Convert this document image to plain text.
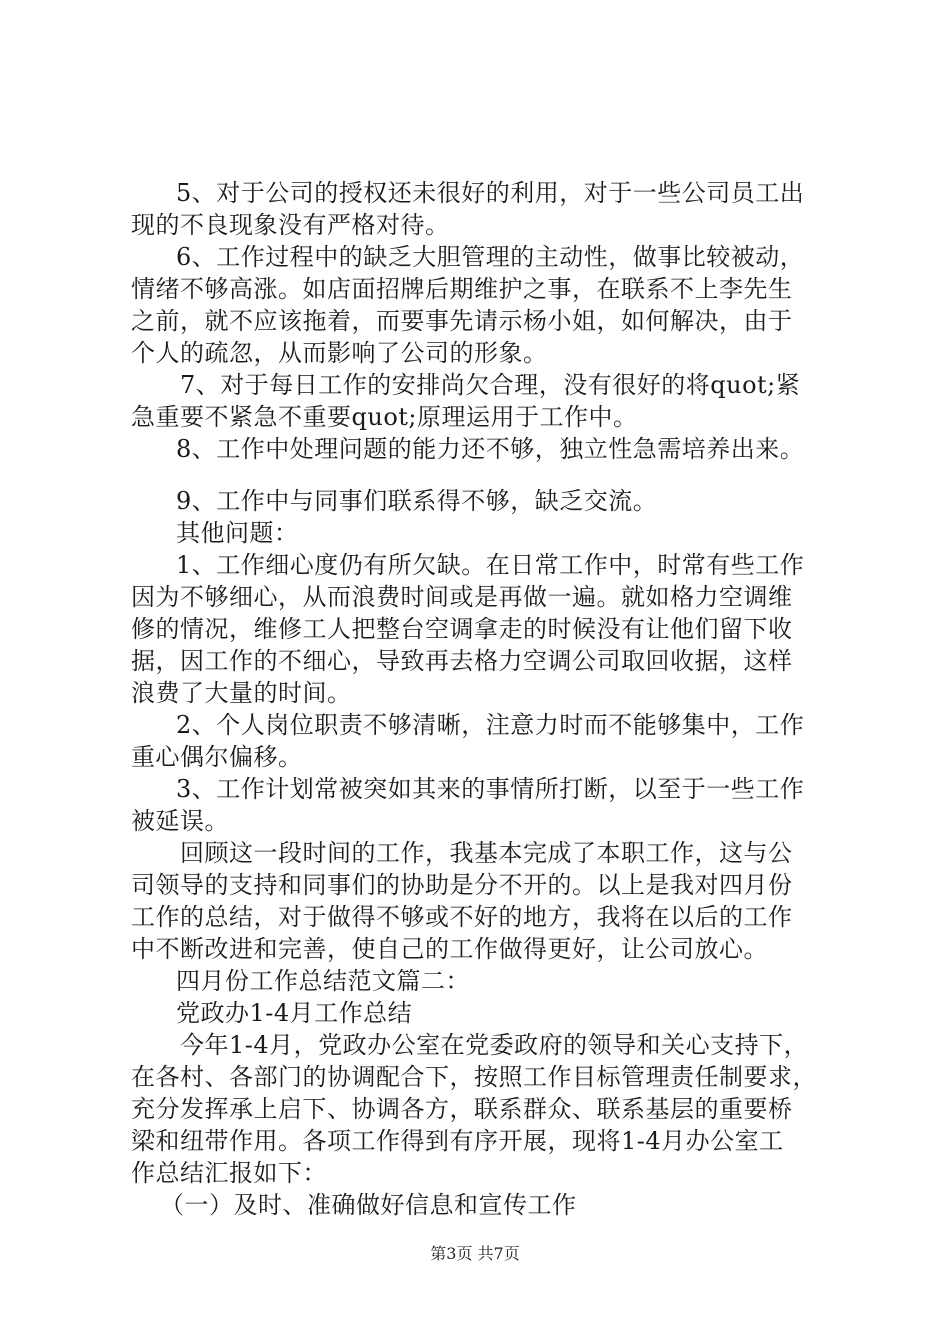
5、对于公司的授权还未很好的利用，对于一些公司员工出
现的不良现象没有严格对待。
6、工作过程中的缺乏大胆管理的主动性，做事比较被动，
情绪不够高涨。如店面招牌后期维护之事，在联系不上李先生
之前，就不应该拖着，而要事先请示杨小姐，如何解决，由于
个人的疏忽，从而影响了公司的形象。
7、对于每日工作的安排尚欠合理，没有很好的将quot;紧
急重要不紧急不重要quot;原理运用于工作中。
8、工作中处理问题的能力还不够，独立性急需培养出来。
9、工作中与同事们联系得不够，缺乏交流。
其他问题：
1、工作细心度仍有所欠缺。在日常工作中，时常有些工作
因为不够细心，从而浪费时间或是再做一遍。就如格力空调维
修的情况，维修工人把整台空调拿走的时候没有让他们留下收
据，因工作的不细心，导致再去格力空调公司取回收据，这样
浪费了大量的时间。
2、个人岗位职责不够清晰，注意力时而不能够集中，工作
重心偶尔偏移。
3、工作计划常被突如其来的事情所打断，以至于一些工作
被延误。
回顾这一段时间的工作，我基本完成了本职工作，这与公
司领导的支持和同事们的协助是分不开的。以上是我对四月份
工作的总结，对于做得不够或不好的地方，我将在以后的工作
中不断改进和完善，使自己的工作做得更好，让公司放心。
四月份工作总结范文篇二：
党政办1-4月工作总结
今年1-4月，党政办公室在党委政府的领导和关心支持下，
在各村、各部门的协调配合下，按照工作目标管理责任制要求，
充分发挥承上启下、协调各方，联系群众、联系基层的重要桥
梁和纽带作用。各项工作得到有序开展，现将1-4月办公室工
作总结汇报如下：
（一）及时、准确做好信息和宣传工作
第3页 共7页
